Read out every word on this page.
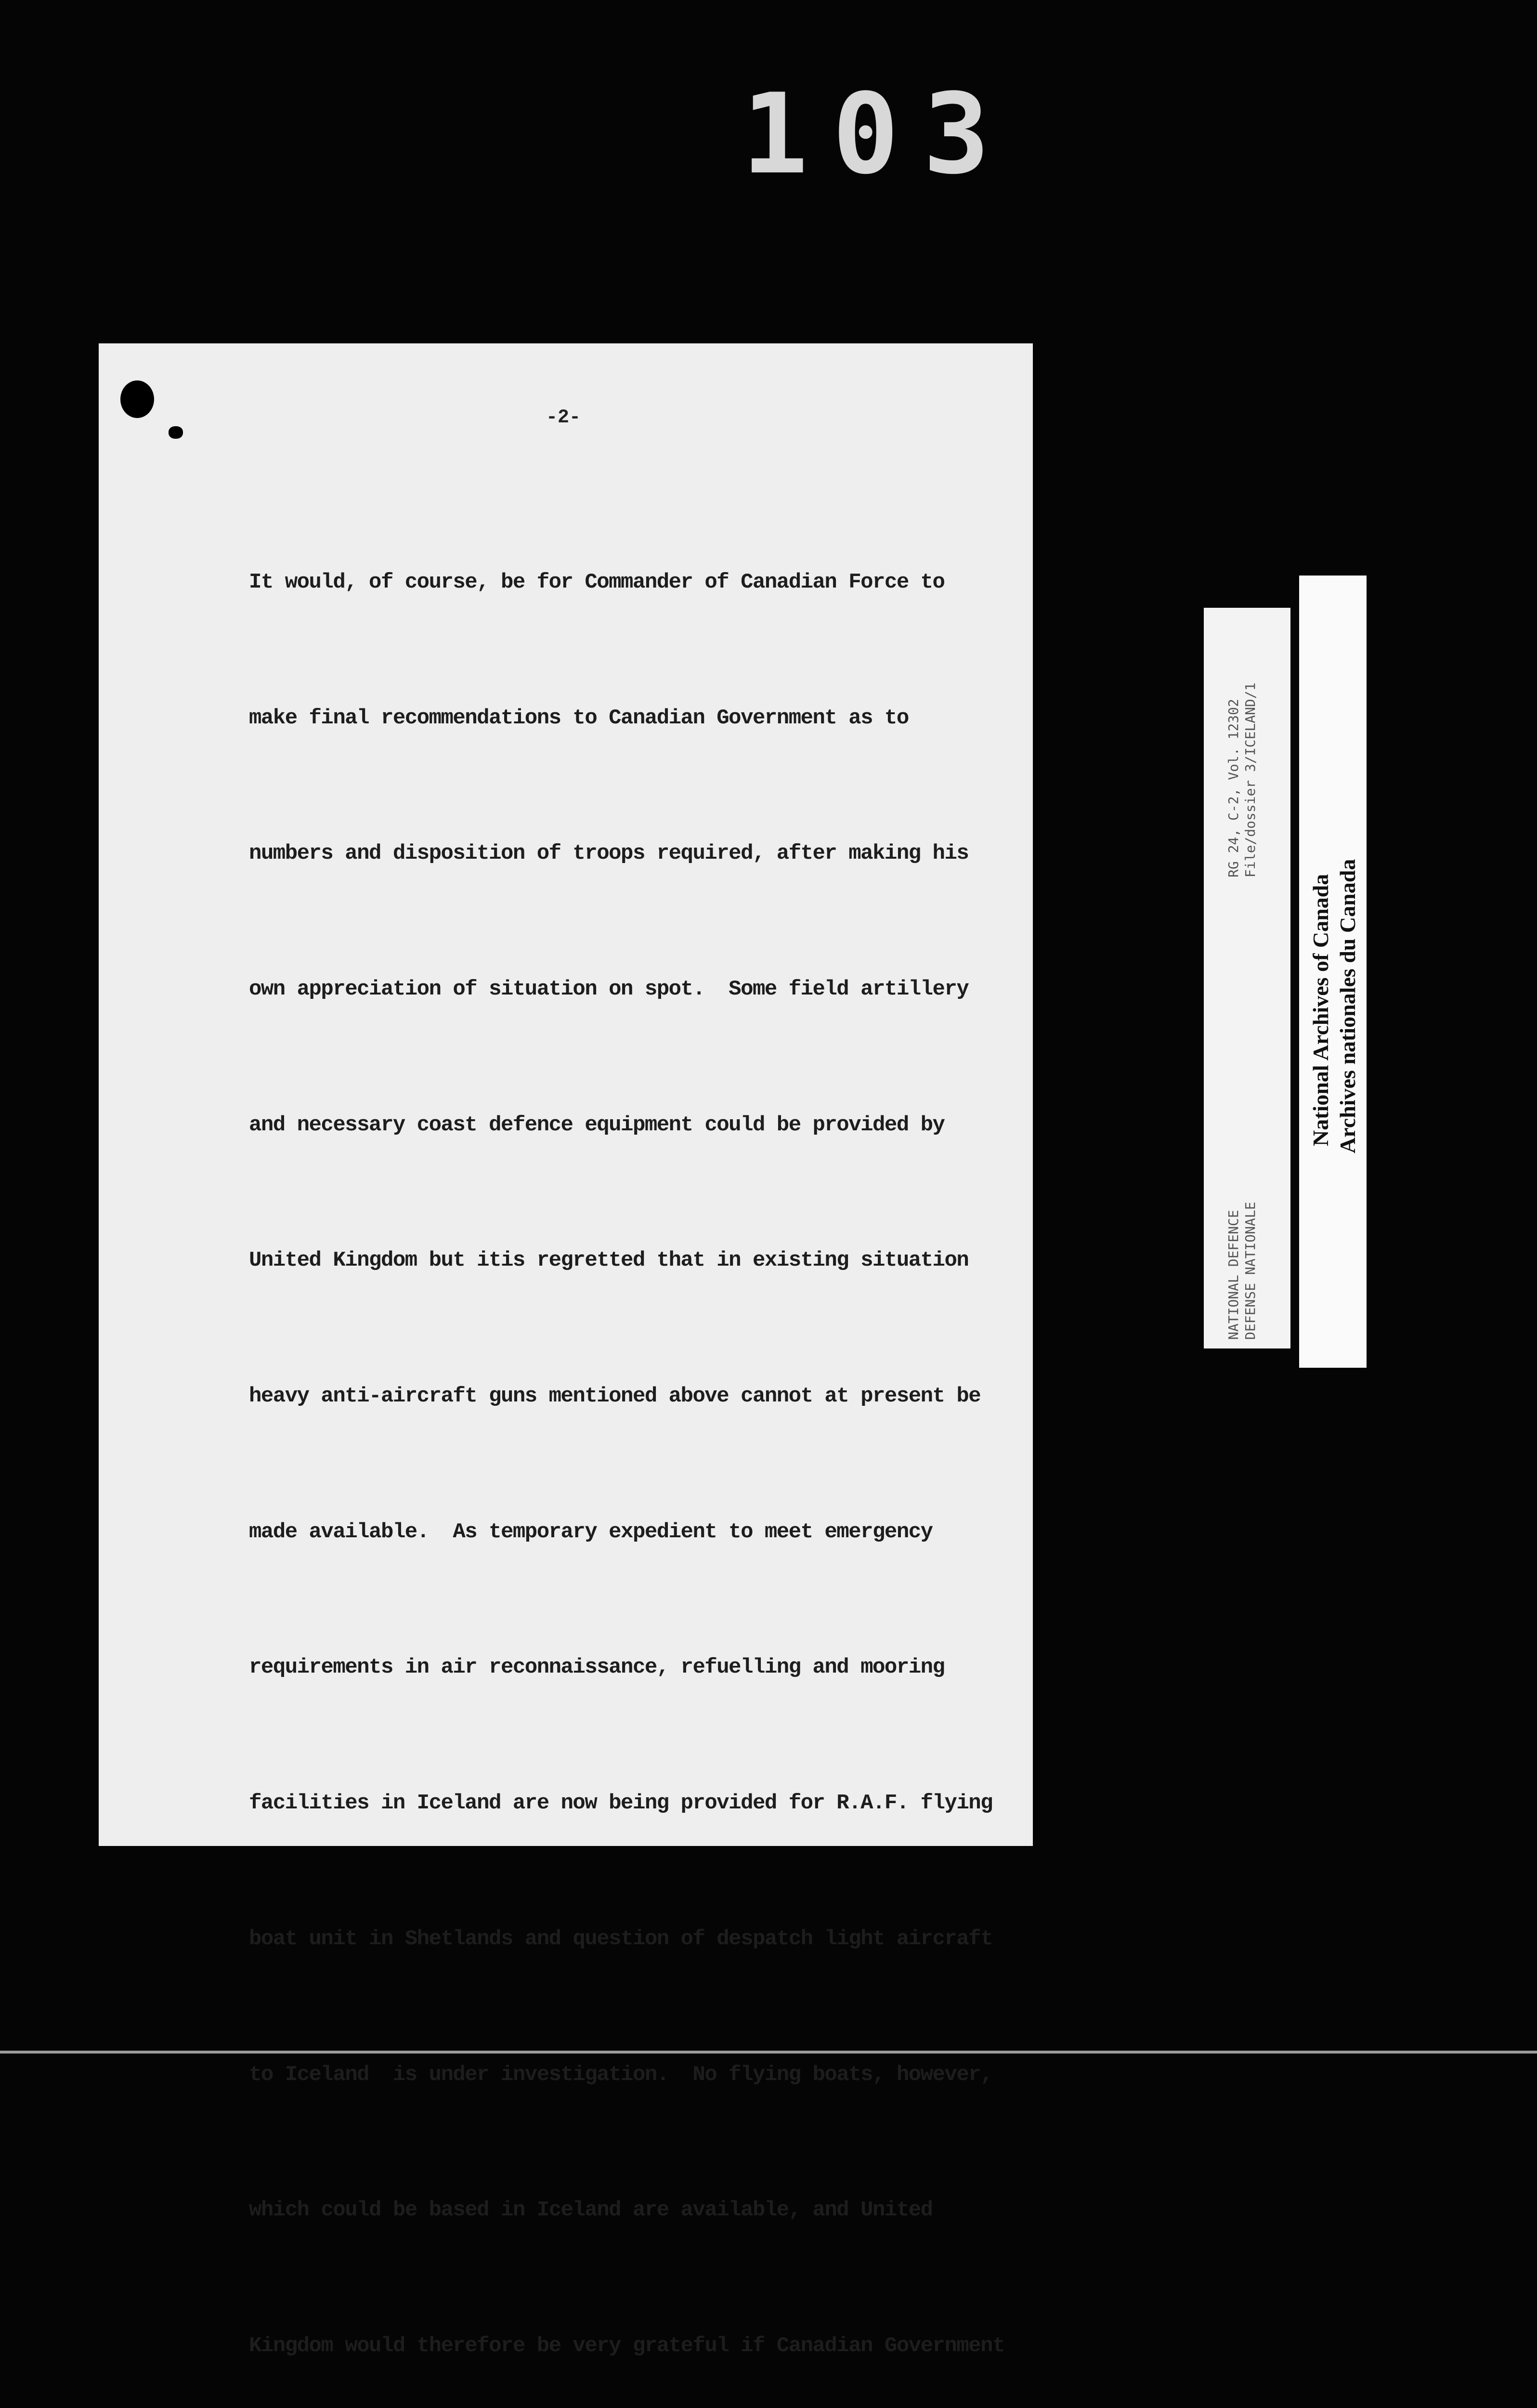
103
-2-

It would, of course, be for Commander of Canadian Force to

make final recommendations to Canadian Government as to

numbers and disposition of troops required, after making his

own appreciation of situation on spot.  Some field artillery

and necessary coast defence equipment could be provided by

United Kingdom but itis regretted that in existing situation

heavy anti-aircraft guns mentioned above cannot at present be

made available.  As temporary expedient to meet emergency

requirements in air reconnaissance, refuelling and mooring

facilities in Iceland are now being provided for R.A.F. flying

boat unit in Shetlands and question of despatch light aircraft

to Iceland  is under investigation.  No flying boats, however,

which could be based in Iceland are available, and United

Kingdom would therefore be very grateful if Canadian Government

NATIONAL DEFENCE DEFENSE NATIONALE
RG 24, C-2, Vol. 12302 File/dossier 3/ICELAND/1
National Archives of Canada Archives nationales du Canada
